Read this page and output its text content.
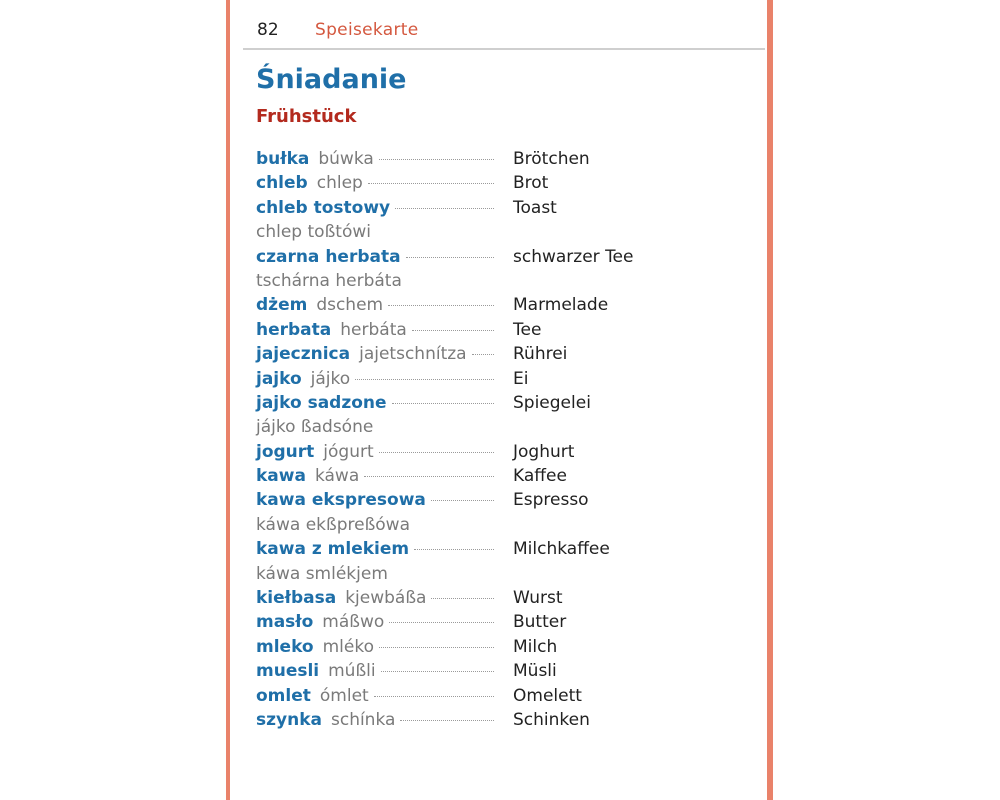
82 Speisekarte
Śniadanie
Frühstück
bułka búwka	Brötchen
chleb chlep	Brot
chleb tostowy	Toast
chlep toßtówi
czarna herbata	schwarzer Tee
tschárna herbáta
dżem dschem	Marmelade
herbata herbáta	Tee
jajecznica jajetschnítza	Rührei
jajko jájko	Ei
jajko sadzone	Spiegelei
jájko ßadsóne
jogurt jógurt	Joghurt
kawa káwa	Kaffee
kawa ekspresowa	Espresso
káwa ekßpreßówa
kawa z mlekiem	Milchkaffee
káwa smlékjem
kiełbasa kjewbáßa	Wurst
masło máßwo	Butter
mleko mléko	Milch
muesli múßli	Müsli
omlet ómlet	Omelett
szynka schínka	Schinken
